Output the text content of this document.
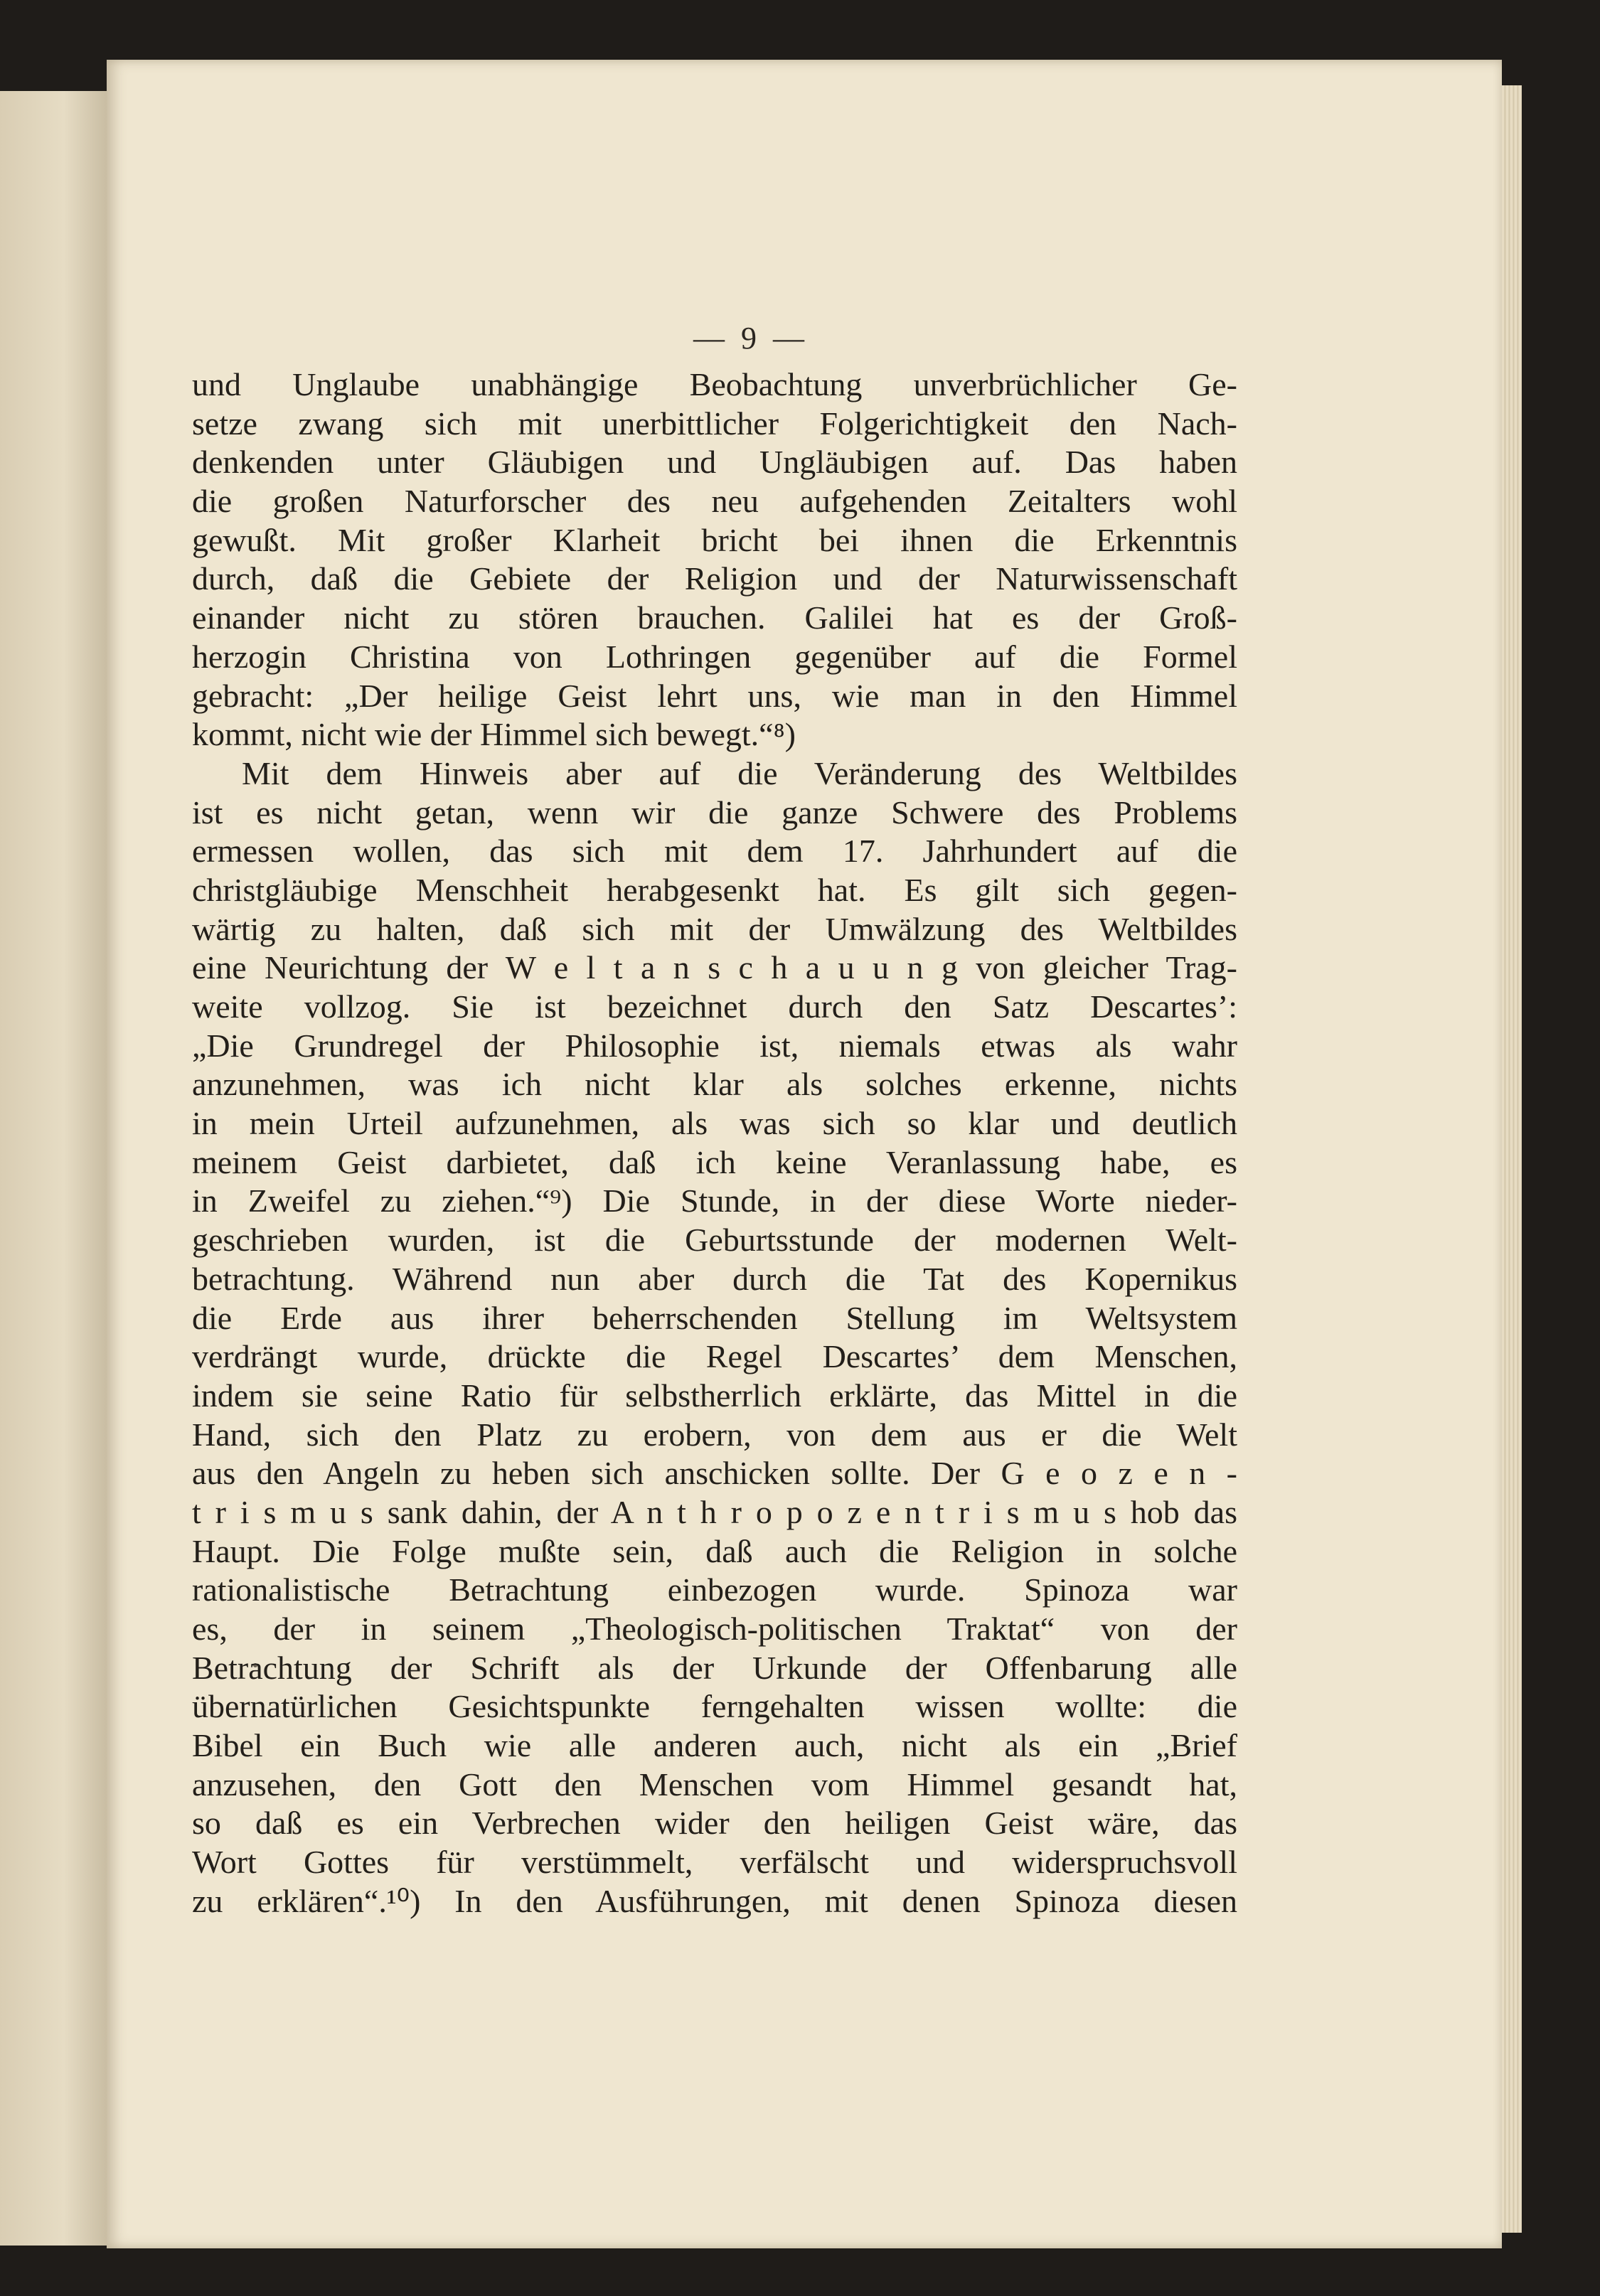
— 9 —
und Unglaube unabhängige Beobachtung unverbrüchlicher Ge-
setze zwang sich mit unerbittlicher Folgerichtigkeit den Nach-
denkenden unter Gläubigen und Ungläubigen auf. Das haben
die großen Naturforscher des neu aufgehenden Zeitalters wohl
gewußt. Mit großer Klarheit bricht bei ihnen die Erkenntnis
durch, daß die Gebiete der Religion und der Naturwissenschaft
einander nicht zu stören brauchen. Galilei hat es der Groß-
herzogin Christina von Lothringen gegenüber auf die Formel
gebracht: „Der heilige Geist lehrt uns, wie man in den Himmel
kommt, nicht wie der Himmel sich bewegt.“⁸)
Mit dem Hinweis aber auf die Veränderung des Weltbildes
ist es nicht getan, wenn wir die ganze Schwere des Problems
ermessen wollen, das sich mit dem 17. Jahrhundert auf die
christgläubige Menschheit herabgesenkt hat. Es gilt sich gegen-
wärtig zu halten, daß sich mit der Umwälzung des Weltbildes
eine Neurichtung der W e l t a n s c h a u u n g von gleicher Trag-
weite vollzog. Sie ist bezeichnet durch den Satz Descartes’:
„Die Grundregel der Philosophie ist, niemals etwas als wahr
anzunehmen, was ich nicht klar als solches erkenne, nichts
in mein Urteil aufzunehmen, als was sich so klar und deutlich
meinem Geist darbietet, daß ich keine Veranlassung habe, es
in Zweifel zu ziehen.“⁹) Die Stunde, in der diese Worte nieder-
geschrieben wurden, ist die Geburtsstunde der modernen Welt-
betrachtung. Während nun aber durch die Tat des Kopernikus
die Erde aus ihrer beherrschenden Stellung im Weltsystem
verdrängt wurde, drückte die Regel Descartes’ dem Menschen,
indem sie seine Ratio für selbstherrlich erklärte, das Mittel in die
Hand, sich den Platz zu erobern, von dem aus er die Welt
aus den Angeln zu heben sich anschicken sollte. Der G e o z e n -
t r i s m u s sank dahin, der A n t h r o p o z e n t r i s m u s hob das
Haupt. Die Folge mußte sein, daß auch die Religion in solche
rationalistische Betrachtung einbezogen wurde. Spinoza war
es, der in seinem „Theologisch-politischen Traktat“ von der
Betrachtung der Schrift als der Urkunde der Offenbarung alle
übernatürlichen Gesichtspunkte ferngehalten wissen wollte: die
Bibel ein Buch wie alle anderen auch, nicht als ein „Brief
anzusehen, den Gott den Menschen vom Himmel gesandt hat,
so daß es ein Verbrechen wider den heiligen Geist wäre, das
Wort Gottes für verstümmelt, verfälscht und widerspruchsvoll
zu erklären“.¹⁰) In den Ausführungen, mit denen Spinoza diesen
